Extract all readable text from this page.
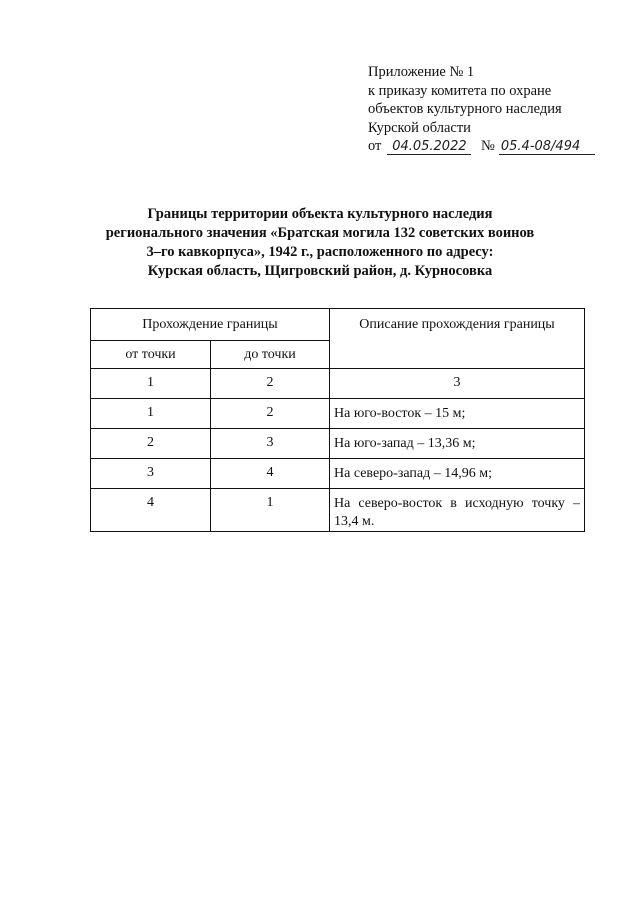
Приложение № 1
к приказу комитета по охране
объектов культурного наследия
Курской области
от 04.05.2022 № 05.4-08/494
Границы территории объекта культурного наследия
регионального значения «Братская могила 132 советских воинов
3–го кавкорпуса», 1942 г., расположенного по адресу:
Курская область, Щигровский район, д. Курносовка
Прохождение границы		Описание прохождения границы
от точки	до точки	
1	2	3
1	2	На юго-восток – 15 м;
2	3	На юго-запад – 13,36 м;
3	4	На северо-запад – 14,96 м;
4	1	На северо-восток в исходную точку – 13,4 м.
